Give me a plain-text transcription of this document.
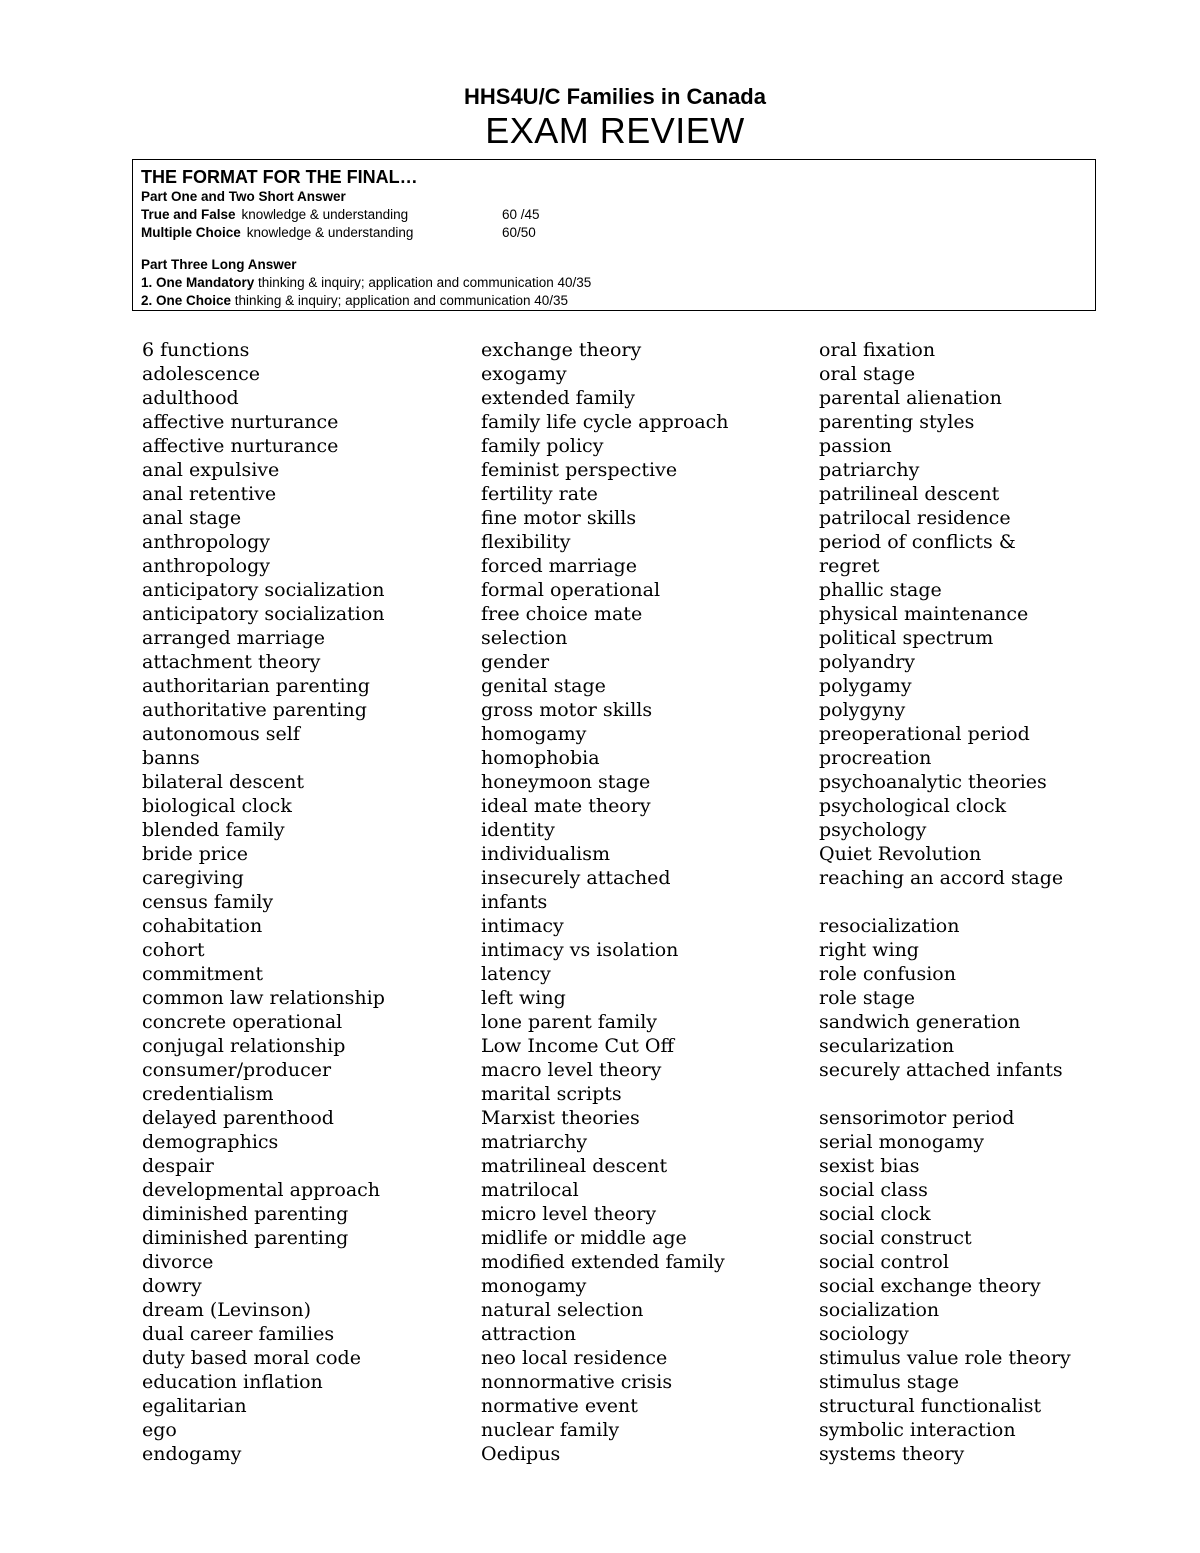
HHS4U/C Families in Canada
EXAM REVIEW
THE FORMAT FOR THE FINAL…
Part One and Two Short Answer
True and False knowledge & understanding	60 /45
Multiple Choice knowledge & understanding	60/50
Part Three Long Answer
1. One Mandatory thinking & inquiry; application and communication 40/35
2. One Choice thinking & inquiry; application and communication 40/35
6 functions
adolescence
adulthood
affective nurturance
affective nurturance
anal expulsive
anal retentive
anal stage
anthropology
anthropology
anticipatory socialization
anticipatory socialization
arranged marriage
attachment theory
authoritarian parenting
authoritative parenting
autonomous self
banns
bilateral descent
biological clock
blended family
bride price
caregiving
census family
cohabitation
cohort
commitment
common law relationship
concrete operational
conjugal relationship
consumer/producer
credentialism
delayed parenthood
demographics
despair
developmental approach
diminished parenting
diminished parenting
divorce
dowry
dream (Levinson)
dual career families
duty based moral code
education inflation
egalitarian
ego
endogamy
exchange theory
exogamy
extended family
family life cycle approach
family policy
feminist perspective
fertility rate
fine motor skills
flexibility
forced marriage
formal operational
free choice mate
selection
gender
genital stage
gross motor skills
homogamy
homophobia
honeymoon stage
ideal mate theory
identity
individualism
insecurely attached
infants
intimacy
intimacy vs isolation
latency
left wing
lone parent family
Low Income Cut Off
macro level theory
marital scripts
Marxist theories
matriarchy
matrilineal descent
matrilocal
micro level theory
midlife or middle age
modified extended family
monogamy
natural selection
attraction
neo local residence
nonnormative crisis
normative event
nuclear family
Oedipus
oral fixation
oral stage
parental alienation
parenting styles
passion
patriarchy
patrilineal descent
patrilocal residence
period of conflicts &
regret
phallic stage
physical maintenance
political spectrum
polyandry
polygamy
polygyny
preoperational period
procreation
psychoanalytic theories
psychological clock
psychology
Quiet Revolution
reaching an accord stage
resocialization
right wing
role confusion
role stage
sandwich generation
secularization
securely attached infants
sensorimotor period
serial monogamy
sexist bias
social class
social clock
social construct
social control
social exchange theory
socialization
sociology
stimulus value role theory
stimulus stage
structural functionalist
symbolic interaction
systems theory
